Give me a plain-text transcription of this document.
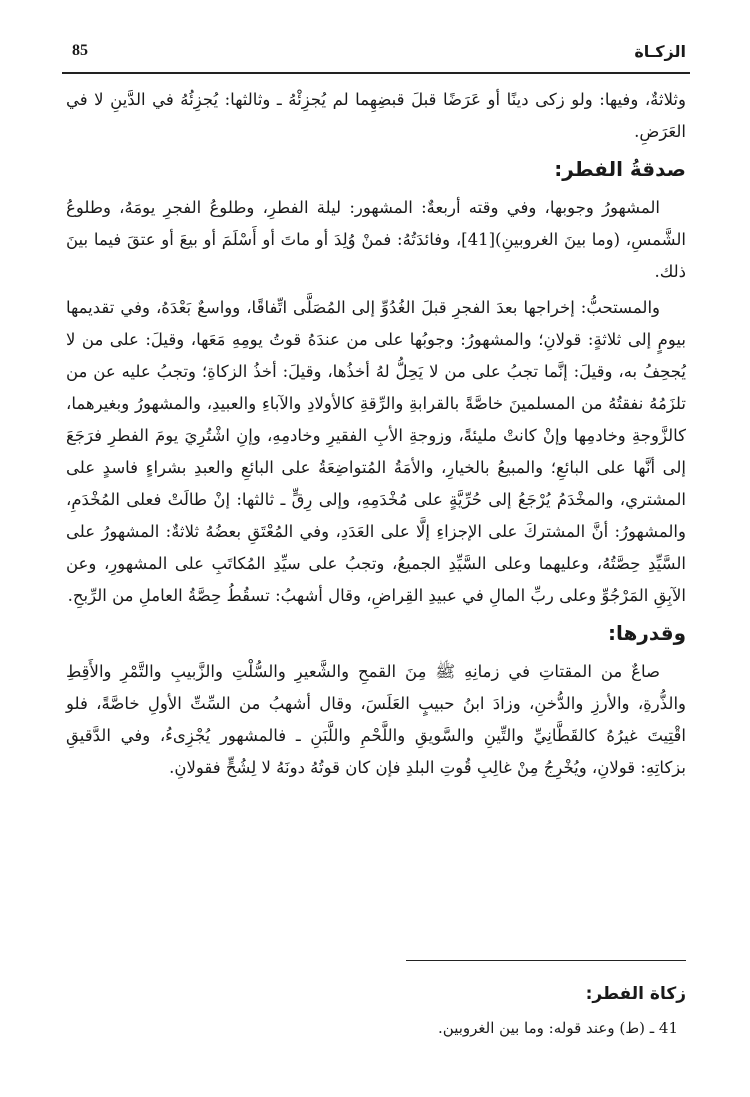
85	الزكـاة

وثلاثةٌ، وفيها: ولو زكى دينًا أو عَرَضًا قبلَ قبضِهِما لم يُجزِئْهُ ـ وثالثها: يُجزِئُهُ في الدَّينِ لا في العَرَضِ.

صدقةُ الفطر:

المشهورُ وجوبها، وفي وقته أربعةٌ: المشهور: ليلة الفطرِ، وطلوعُ الفجرِ يومَهُ، وطلوعُ الشَّمسِ، (وما بينَ الغروبينِ)[41]، وفائدَتُهُ: فمنْ وُلِدَ أو ماتَ أو أَسْلَمَ أو بيعَ أو عتقَ فيما بينَ ذلك.

والمستحبُّ: إخراجها بعدَ الفجرِ قبلَ الغُدُوِّ إلى المُصَلَّى اتِّفاقًا، وواسعٌ بَعْدَهُ، وفي تقديمها بيومٍ إلى ثلاثةٍ: قولانِ؛ والمشهورُ: وجوبُها على من عندَهُ قوتُ يومِهِ مَعَها، وقيلَ: على من لا يُجحِفُ به، وقيلَ: إنَّما تجبُ على من لا يَحِلُّ لهُ أخذُها، وقيلَ: أخذُ الزكاةِ؛ وتجبُ عليه عن من تلزَمُهُ نفقتُهُ من المسلمينَ خاصَّةً بالقرابةِ والرِّقةِ كالأولادِ والآباءِ والعبيدِ، والمشهورُ وبغيرهما، كالزَّوجةِ وخادمِها وإنْ كانتْ مليئةً، وزوجةِ الأبِ الفقيرِ وخادمِهِ، وإنِ اشْتُرِيَ يومَ الفطرِ فرَجَعَ إلى أنَّها على البائعِ؛ والمبيعُ بالخيارِ، والأمَةُ المُتواضِعَةُ على البائعِ والعبدِ بشراءٍ فاسدٍ على المشتري، والمخْدَمُ يُرْجَعُ إلى حُرِّيَّةٍ على مُخْدَمِهِ، وإلى رِقٍّ ـ ثالثها: إنْ طالَتْ فعلى المُخْدَمِ، والمشهورُ: أنَّ المشتركَ على الإجزاءِ إلَّا على العَدَدِ، وفي المُعْتَقِ بعضُهُ ثلاثةٌ: المشهورُ على السَّيِّدِ حِصَّتُهُ، وعليهما وعلى السَّيِّدِ الجميعُ، وتجبُ على سيِّدِ المُكاتَبِ على المشهورِ، وعن الآبِقِ المَرْجُوِّ وعلى ربِّ المالِ في عبيدِ القِراضِ، وقال أشهبُ: تسقُطُ حِصَّةُ العاملِ من الرِّبحِ.

وقدرها:

صاعٌ من المقتاتِ في زمانِهِ ﷺ مِنَ القمحِ والشَّعيرِ والسُّلْتِ والزَّبيبِ والتَّمْرِ والأَقِطِ والذُّرةِ، والأرزِ والدُّخنِ، وزادَ ابنُ حبيبٍ العَلَسَ، وقال أشهبُ من السِّتِّ الأولِ خاصَّةً، فلو اقْتِيتَ غيرُهُ كالقَطَّانِيِّ والتِّينِ والسَّويقِ واللَّحْمِ واللَّبَنِ ـ فالمشهور يُجْزِىءُ، وفي الدَّقيقِ بزكاتِهِ: قولانِ، ويُخْرِجُ مِنْ غالِبِ قُوتِ البلدِ فإن كان قوتُهُ دونَهُ لا لِشُحٍّ فقولانِ.

زكاة الفطر:
41 ـ (ط) وعند قوله: وما بين الغروبين.
